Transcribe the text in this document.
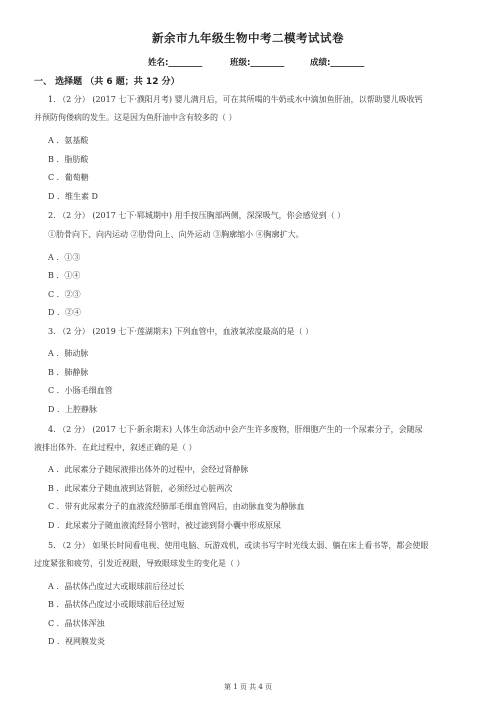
新余市九年级生物中考二模考试试卷
姓名:________	班级:________	成绩:________
一、 选择题 （共 6 题；共 12 分）
1. （2 分） (2017 七下·濮阳月考) 婴儿满月后，可在其所喝的牛奶或水中滴加鱼肝油，以帮助婴儿吸收钙
并预防佝偻病的发生。这是因为鱼肝油中含有较多的（ ）
A ．氨基酸
B ．脂肪酸
C ．葡萄糖
D ．维生素 D
2. （2 分） (2017 七下·郓城期中) 用手按压胸部两侧，深深吸气，你会感觉到（ ）
①肋骨向下、向内运动 ②肋骨向上、向外运动 ③胸廓缩小 ④胸廓扩大。
A ．①③
B ．①④
C ．②③
D ．②④
3. （2 分） (2019 七下·莲湖期末) 下列血管中，血液氧浓度最高的是（ ）
A ．肺动脉
B ．肺静脉
C ．小肠毛细血管
D ．上腔静脉
4. （2 分） (2017 七下·新余期末) 人体生命活动中会产生许多废物，肝细胞产生的一个尿素分子，会随尿
液排出体外．在此过程中，叙述正确的是（ ）
A ．此尿素分子随尿液排出体外的过程中，会经过肾静脉
B ．此尿素分子随血液到达肾脏，必须经过心脏两次
C ．带有此尿素分子的血液流经肺部毛细血管网后，由动脉血变为静脉血
D ．此尿素分子随血液流经肾小管时，被过滤到肾小囊中形成原尿
5. （2 分） 如果长时间看电视、使用电脑、玩游戏机，或读书写字时光线太弱、躺在床上看书等，都会使眼
过度紧张和疲劳，引发近视眼，导致眼球发生的变化是（ ）
A ．晶状体凸度过大或眼球前后径过长
B ．晶状体凸度过小或眼球前后径过短
C ．晶状体浑浊
D ．视网膜发炎
第 1 页 共 4 页
